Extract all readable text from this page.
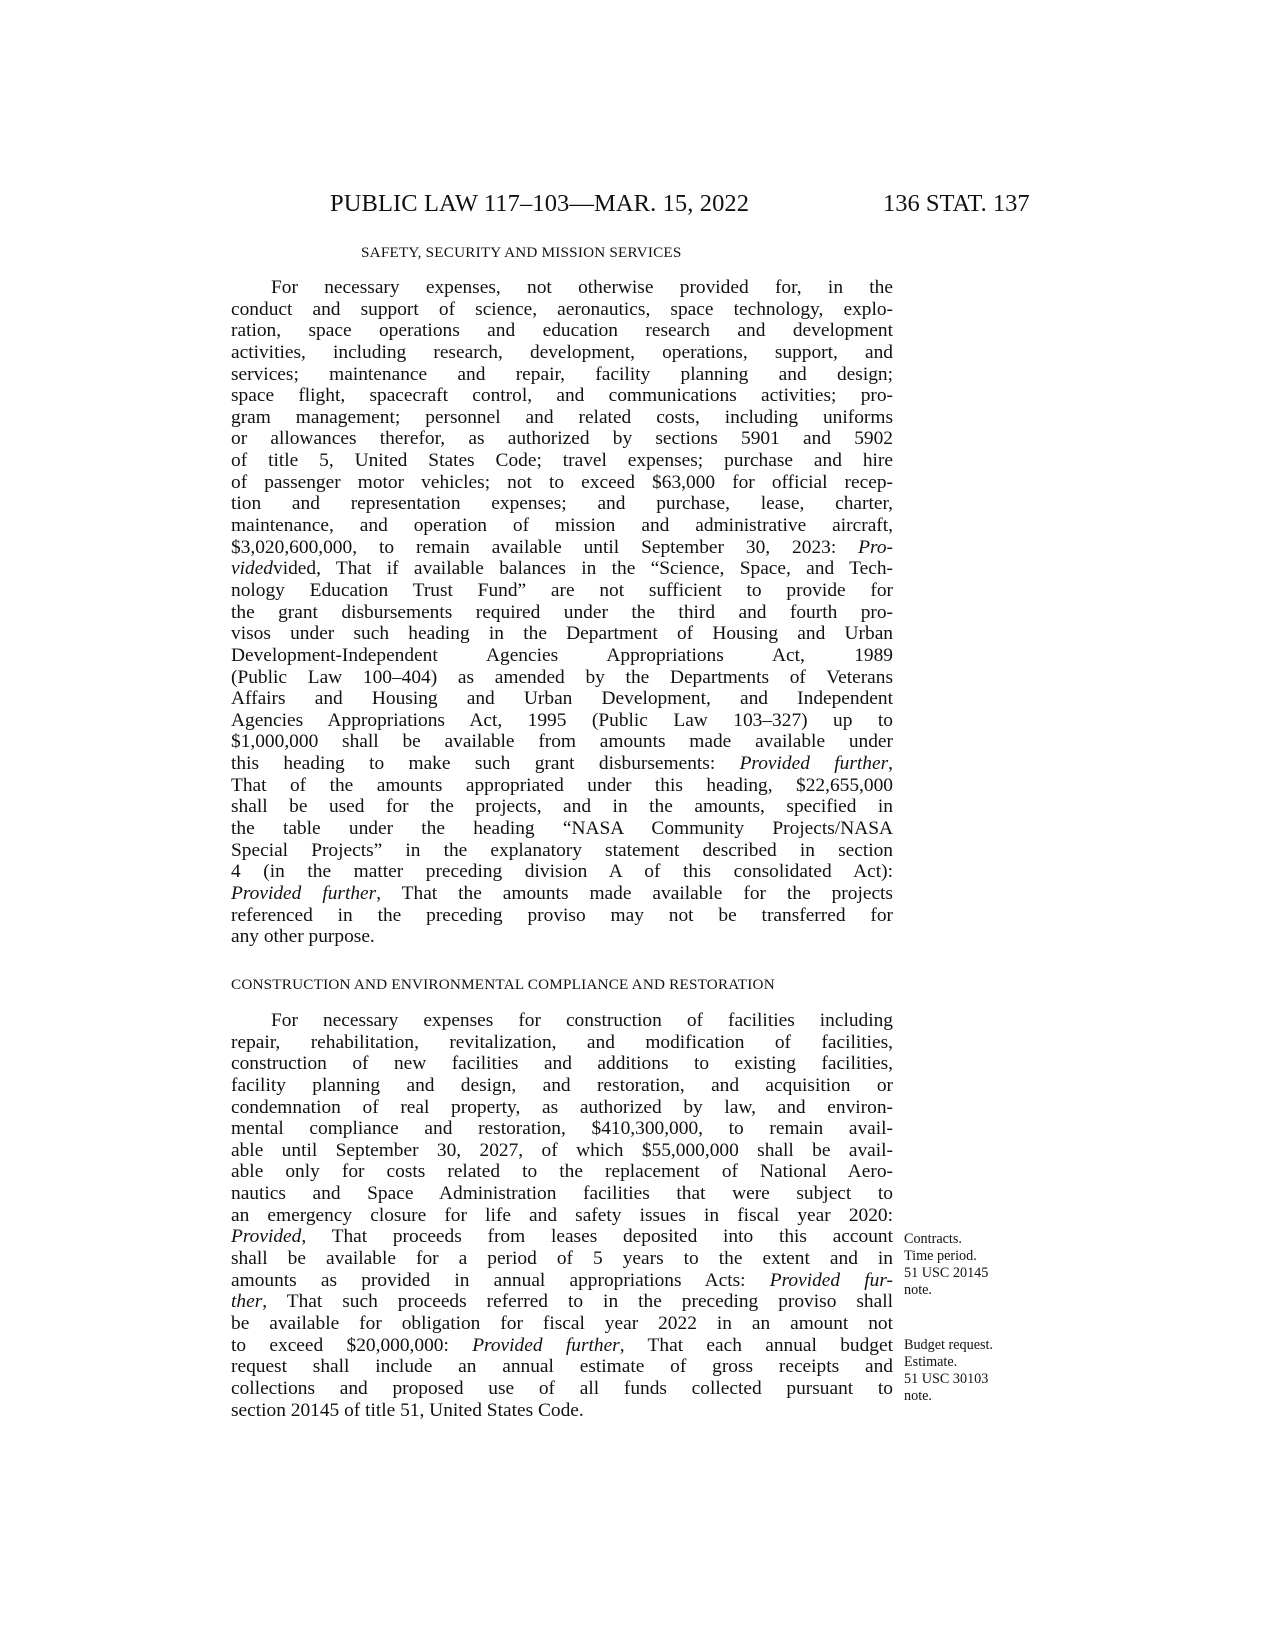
PUBLIC LAW 117–103—MAR. 15, 2022	136 STAT. 137
SAFETY, SECURITY AND MISSION SERVICES
For necessary expenses, not otherwise provided for, in the
conduct and support of science, aeronautics, space technology, explo-
ration, space operations and education research and development
activities, including research, development, operations, support, and
services; maintenance and repair, facility planning and design;
space flight, spacecraft control, and communications activities; pro-
gram management; personnel and related costs, including uniforms
or allowances therefor, as authorized by sections 5901 and 5902
of title 5, United States Code; travel expenses; purchase and hire
of passenger motor vehicles; not to exceed $63,000 for official recep-
tion and representation expenses; and purchase, lease, charter,
maintenance, and operation of mission and administrative aircraft,
$3,020,600,000, to remain available until September 30, 2023: Pro-
videdvided, That if available balances in the “Science, Space, and Tech-
nology Education Trust Fund” are not sufficient to provide for
the grant disbursements required under the third and fourth pro-
visos under such heading in the Department of Housing and Urban
Development-Independent Agencies Appropriations Act, 1989
(Public Law 100–404) as amended by the Departments of Veterans
Affairs and Housing and Urban Development, and Independent
Agencies Appropriations Act, 1995 (Public Law 103–327) up to
$1,000,000 shall be available from amounts made available under
this heading to make such grant disbursements: Provided further,
That of the amounts appropriated under this heading, $22,655,000
shall be used for the projects, and in the amounts, specified in
the table under the heading “NASA Community Projects/NASA
Special Projects” in the explanatory statement described in section
4 (in the matter preceding division A of this consolidated Act):
Provided further, That the amounts made available for the projects
referenced in the preceding proviso may not be transferred for
any other purpose.
CONSTRUCTION AND ENVIRONMENTAL COMPLIANCE AND RESTORATION
For necessary expenses for construction of facilities including
repair, rehabilitation, revitalization, and modification of facilities,
construction of new facilities and additions to existing facilities,
facility planning and design, and restoration, and acquisition or
condemnation of real property, as authorized by law, and environ-
mental compliance and restoration, $410,300,000, to remain avail-
able until September 30, 2027, of which $55,000,000 shall be avail-
able only for costs related to the replacement of National Aero-
nautics and Space Administration facilities that were subject to
an emergency closure for life and safety issues in fiscal year 2020:
Provided, That proceeds from leases deposited into this account
shall be available for a period of 5 years to the extent and in
amounts as provided in annual appropriations Acts: Provided fur-
ther, That such proceeds referred to in the preceding proviso shall
be available for obligation for fiscal year 2022 in an amount not
to exceed $20,000,000: Provided further, That each annual budget
request shall include an annual estimate of gross receipts and
collections and proposed use of all funds collected pursuant to
section 20145 of title 51, United States Code.
Contracts.
Time period.
51 USC 20145
note.
Budget request.
Estimate.
51 USC 30103
note.
